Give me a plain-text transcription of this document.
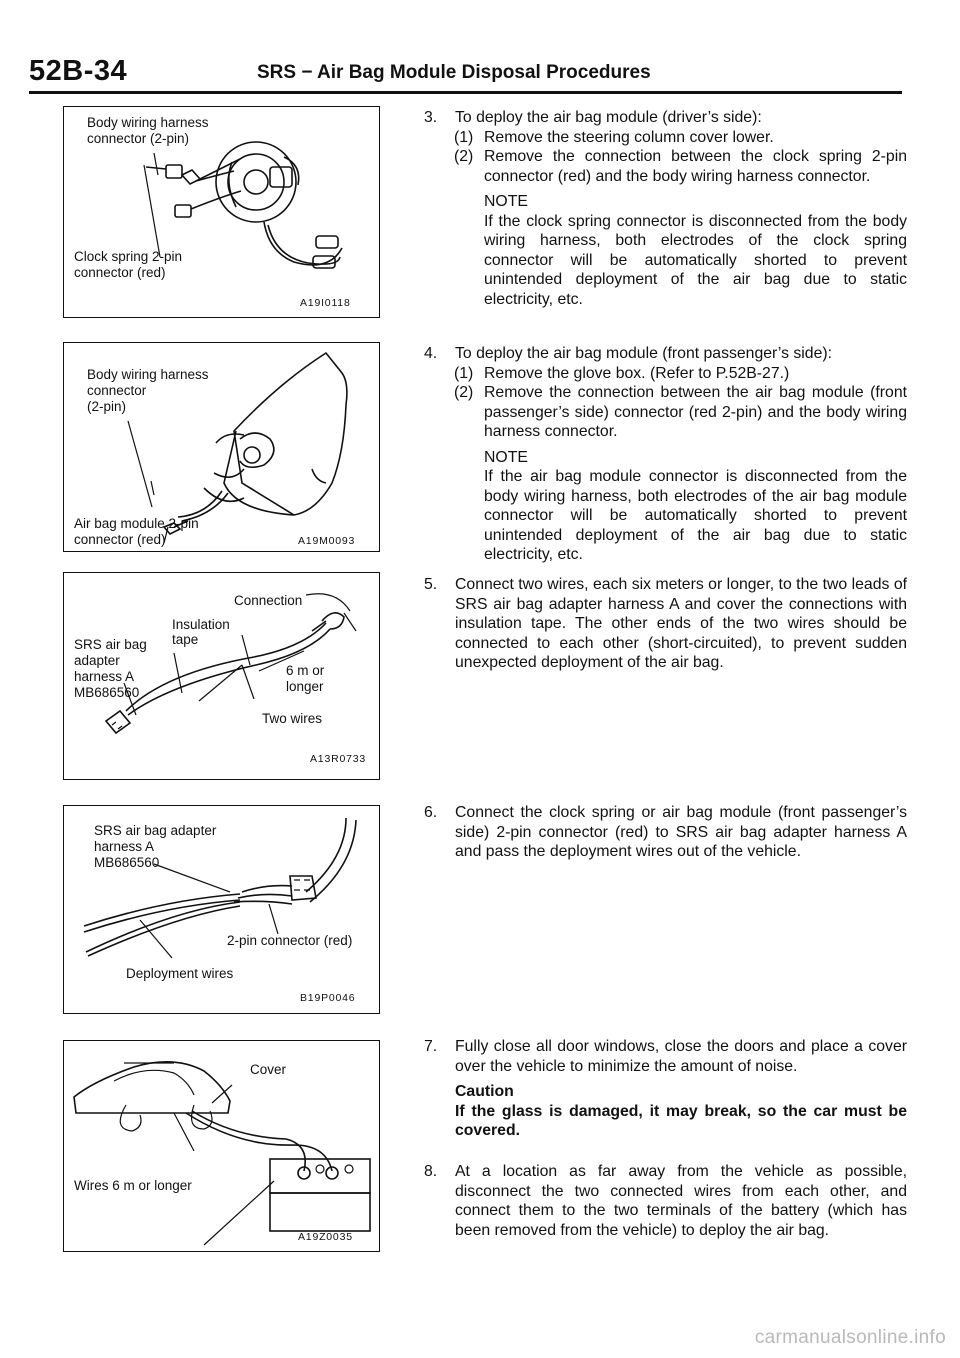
52B-34	SRS − Air Bag Module Disposal Procedures
Body wiring harness
connector (2-pin)
Clock spring 2-pin
connector (red)
A19I0118
Body wiring harness
connector
(2-pin)
Air bag module 2-pin
connector (red)	A19M0093
Connection
Insulation
tape
SRS air bag
adapter
harness A
MB686560
6 m or
longer
Two wires
A13R0733
SRS air bag adapter
harness A
MB686560
2-pin connector (red)
Deployment wires
B19P0046
Cover
Wires 6 m or longer
A19Z0035
3. To deploy the air bag module (driver’s side):
(1) Remove the steering column cover lower.
(2) Remove the connection between the clock spring 2-pin connector (red) and the body wiring harness connector.
NOTE
If the clock spring connector is disconnected from the body wiring harness, both electrodes of the clock spring connector will be automatically shorted to prevent unintended deployment of the air bag due to static electricity, etc.
4. To deploy the air bag module (front passenger’s side):
(1) Remove the glove box. (Refer to P.52B-27.)
(2) Remove the connection between the air bag module (front passenger’s side) connector (red 2-pin) and the body wiring harness connector.
NOTE
If the air bag module connector is disconnected from the body wiring harness, both electrodes of the air bag module connector will be automatically shorted to prevent unintended deployment of the air bag due to static electricity, etc.
5. Connect two wires, each six meters or longer, to the two leads of SRS air bag adapter harness A and cover the connections with insulation tape. The other ends of the two wires should be connected to each other (short-circuited), to prevent sudden unexpected deployment of the air bag.
6. Connect the clock spring or air bag module (front passenger’s side) 2-pin connector (red) to SRS air bag adapter harness A and pass the deployment wires out of the vehicle.
7. Fully close all door windows, close the doors and place a cover over the vehicle to minimize the amount of noise.
Caution
If the glass is damaged, it may break, so the car must be covered.
8. At a location as far away from the vehicle as possible, disconnect the two connected wires from each other, and connect them to the two terminals of the battery (which has been removed from the vehicle) to deploy the air bag.
carmanualsonline.info
